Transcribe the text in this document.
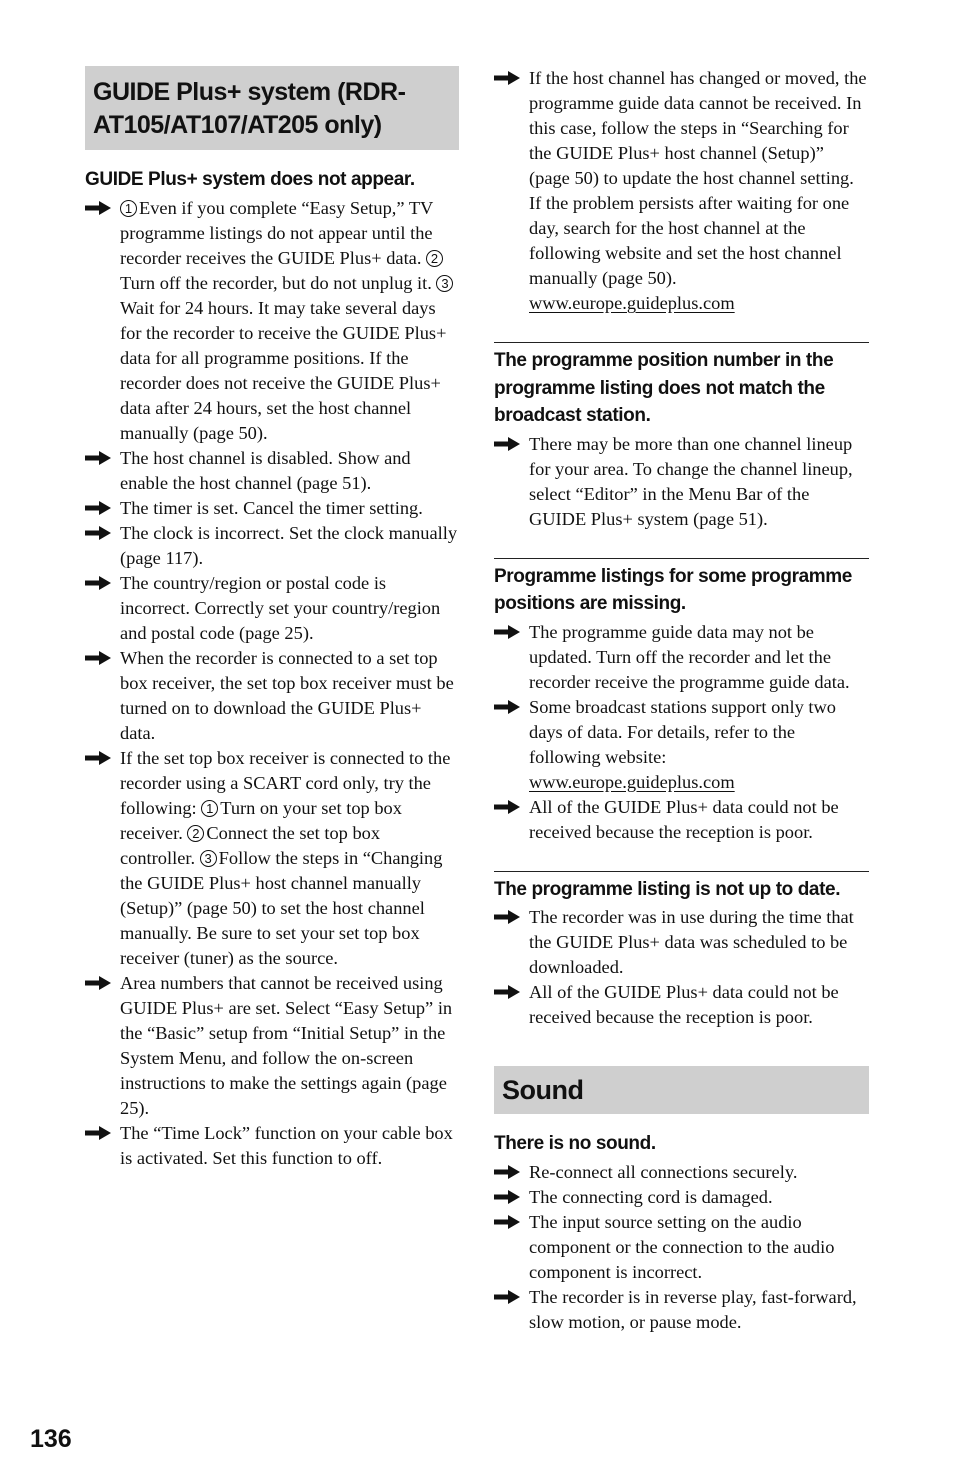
GUIDE Plus+ system (RDR-AT105/AT107/AT205 only)
GUIDE Plus+ system does not appear.
1 Even if you complete “Easy Setup,” TV programme listings do not appear until the recorder receives the GUIDE Plus+ data. 2Turn off the recorder, but do not unplug it. 3Wait for 24 hours. It may take several days for the recorder to receive the GUIDE Plus+ data for all programme positions. If the recorder does not receive the GUIDE Plus+ data after 24 hours, set the host channel manually (page 50).
The host channel is disabled. Show and enable the host channel (page 51).
The timer is set. Cancel the timer setting.
The clock is incorrect. Set the clock manually (page 117).
The country/region or postal code is incorrect. Correctly set your country/region and postal code (page 25).
When the recorder is connected to a set top box receiver, the set top box receiver must be turned on to download the GUIDE Plus+ data.
If the set top box receiver is connected to the recorder using a SCART cord only, try the following: 1 Turn on your set top box receiver. 2 Connect the set top box controller. 3 Follow the steps in “Changing the GUIDE Plus+ host channel manually (Setup)” (page 50) to set the host channel manually. Be sure to set your set top box receiver (tuner) as the source.
Area numbers that cannot be received using GUIDE Plus+ are set. Select “Easy Setup” in the “Basic” setup from “Initial Setup” in the System Menu, and follow the on-screen instructions to make the settings again (page 25).
The “Time Lock” function on your cable box is activated. Set this function to off.
If the host channel has changed or moved, the programme guide data cannot be received. In this case, follow the steps in “Searching for the GUIDE Plus+ host channel (Setup)” (page 50) to update the host channel setting. If the problem persists after waiting for one day, search for the host channel at the following website and set the host channel manually (page 50).
www.europe.guideplus.com
The programme position number in the programme listing does not match the broadcast station.
There may be more than one channel lineup for your area. To change the channel lineup, select “Editor” in the Menu Bar of the GUIDE Plus+ system (page 51).
Programme listings for some programme positions are missing.
The programme guide data may not be updated. Turn off the recorder and let the recorder receive the programme guide data.
Some broadcast stations support only two days of data. For details, refer to the following website:
www.europe.guideplus.com
All of the GUIDE Plus+ data could not be received because the reception is poor.
The programme listing is not up to date.
The recorder was in use during the time that the GUIDE Plus+ data was scheduled to be downloaded.
All of the GUIDE Plus+ data could not be received because the reception is poor.
Sound
There is no sound.
Re-connect all connections securely.
The connecting cord is damaged.
The input source setting on the audio component or the connection to the audio component is incorrect.
The recorder is in reverse play, fast-forward, slow motion, or pause mode.
136
